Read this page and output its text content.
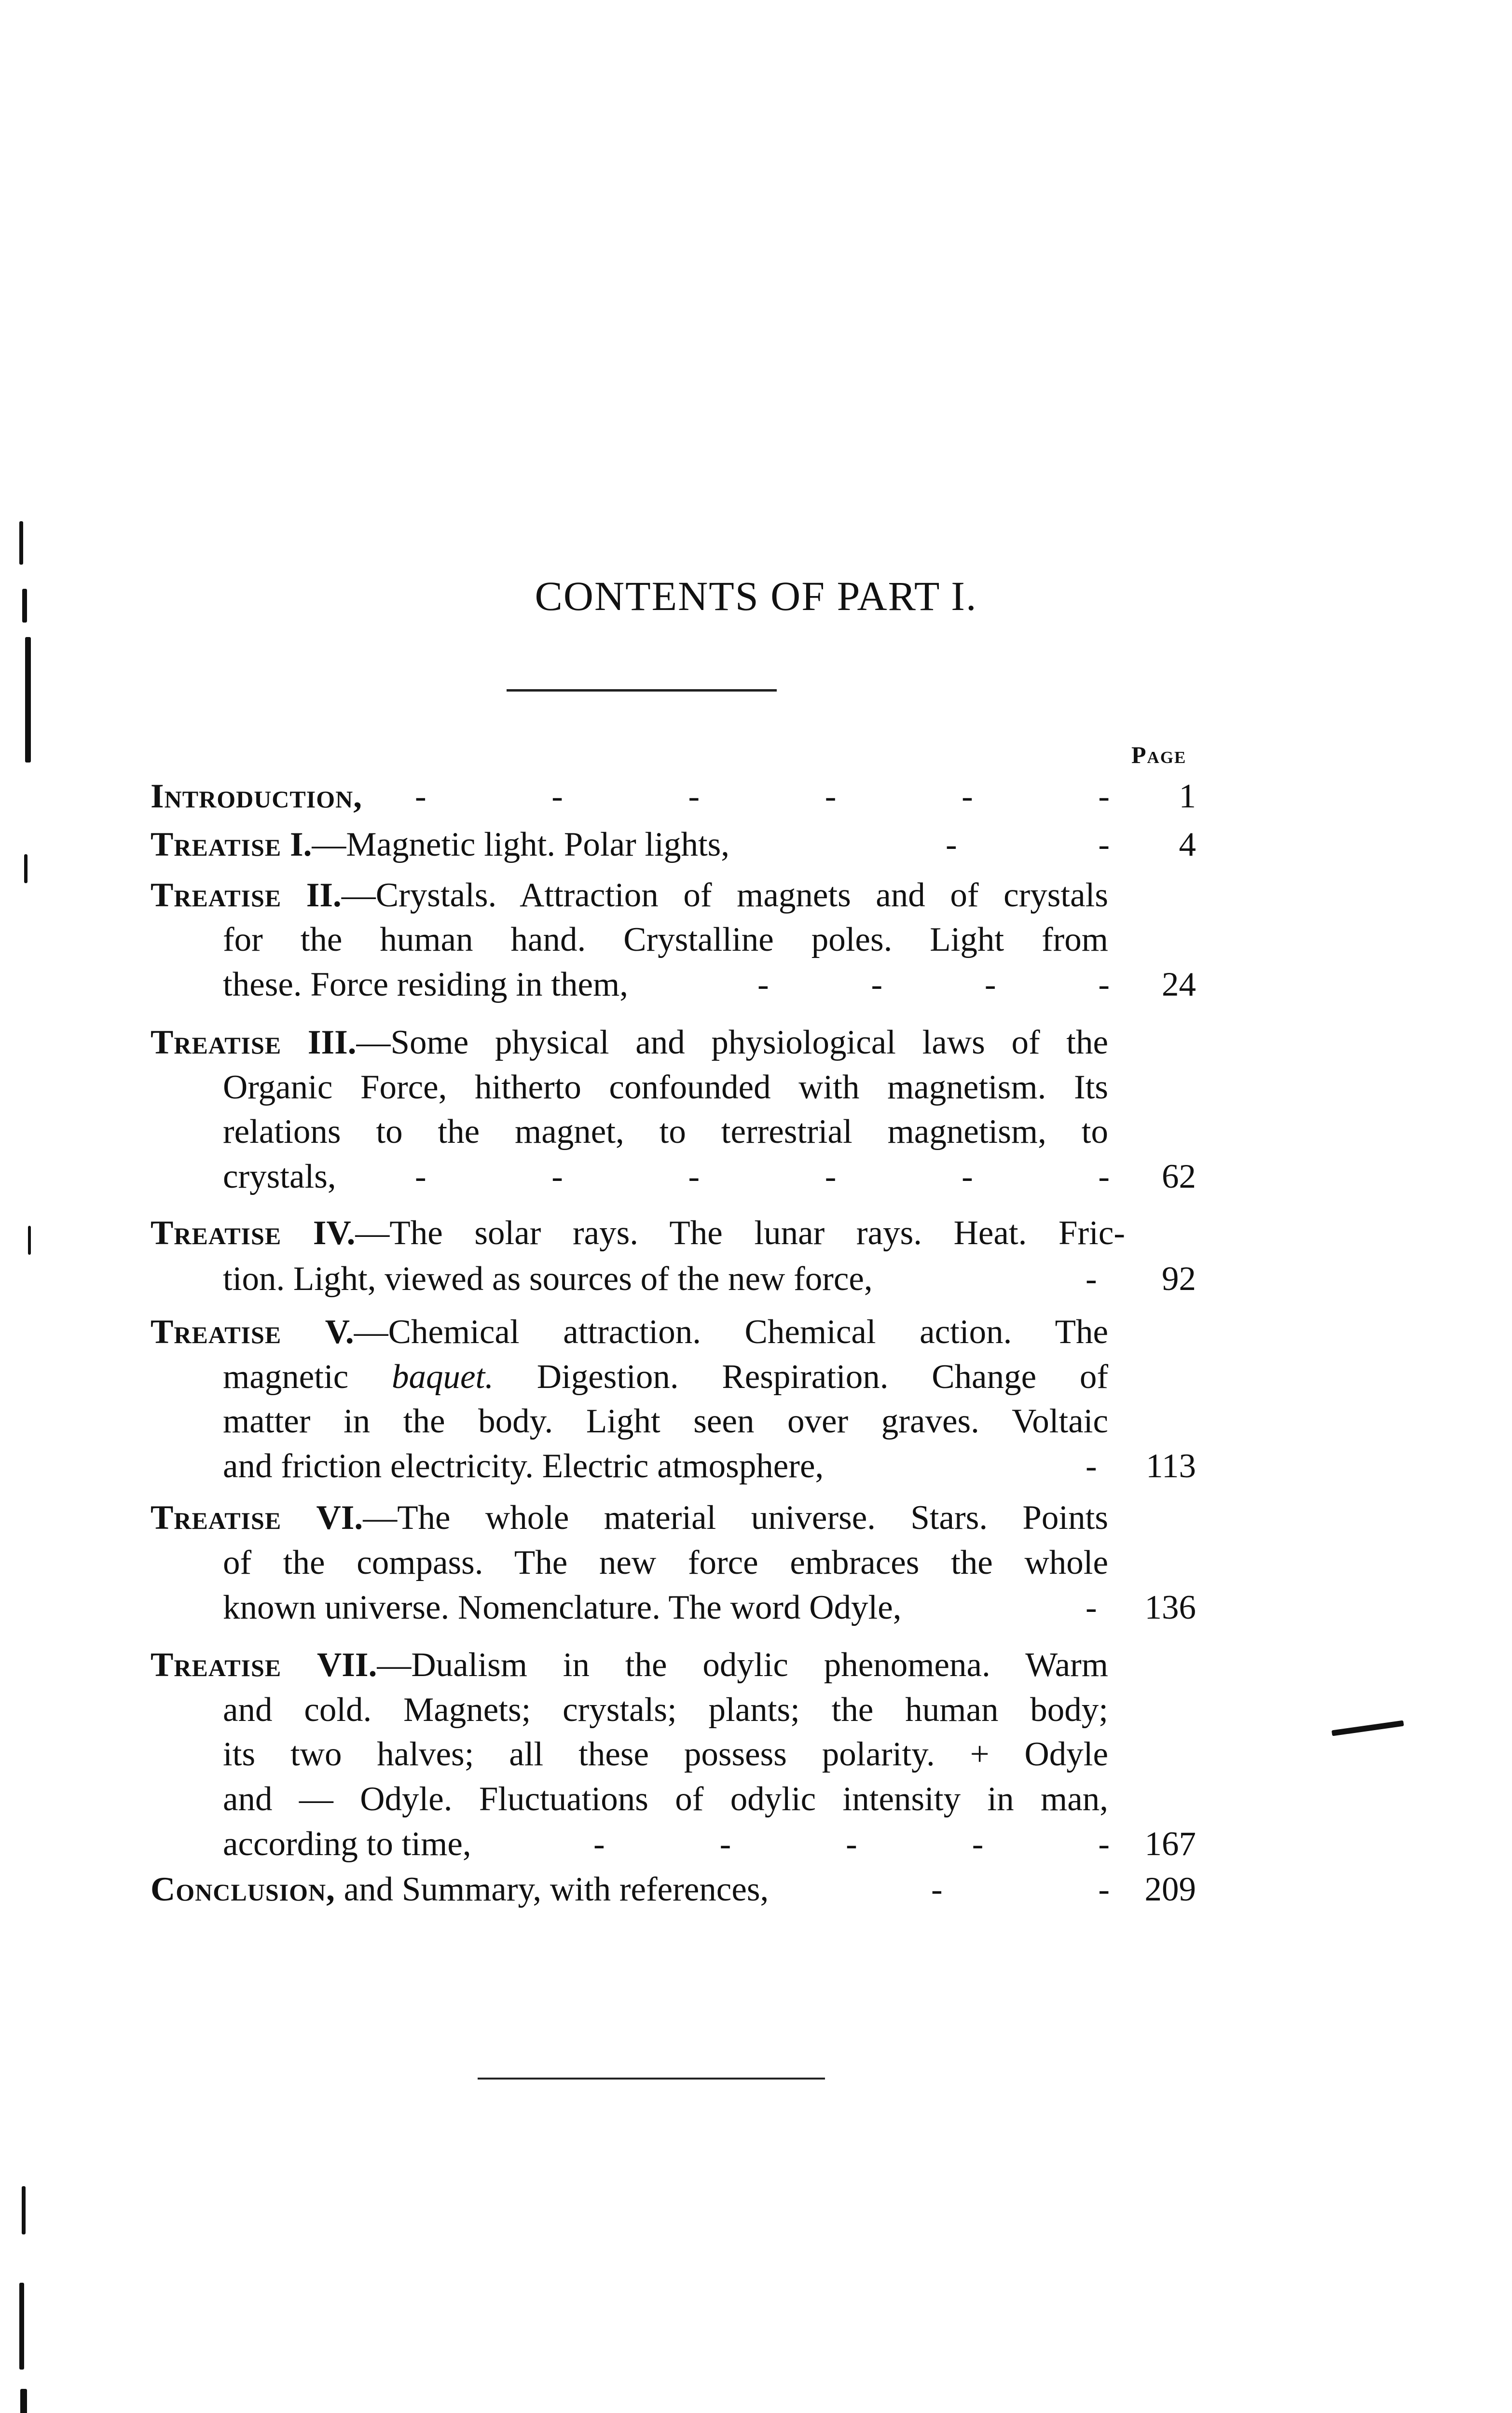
CONTENTS OF PART I.
Page
Introduction,	-	-	-	-	-	- 1
Treatise I.—Magnetic light. Polar lights,	-	- 4
Treatise II.—Crystals. Attraction of magnets and of crystals
for the human hand. Crystalline poles. Light from
these. Force residing in them,	-	-	-	- 24
Treatise III.—Some physical and physiological laws of the
Organic Force, hitherto confounded with magnetism. Its
relations to the magnet, to terrestrial magnetism, to
crystals, -	-	-	-	-	- 62
Treatise IV.—The solar rays. The lunar rays. Heat. Fric-
tion. Light, viewed as sources of the new force,	- 92
Treatise V.—Chemical attraction. Chemical action. The
magnetic baquet. Digestion. Respiration. Change of
matter in the body. Light seen over graves. Voltaic
and friction electricity. Electric atmosphere,	- 113
Treatise VI.—The whole material universe. Stars. Points
of the compass. The new force embraces the whole
known universe. Nomenclature. The word Odyle,	- 136
Treatise VII.—Dualism in the odylic phenomena. Warm
and cold. Magnets; crystals; plants; the human body;
its two halves; all these possess polarity. + Odyle
and — Odyle. Fluctuations of odylic intensity in man,
according to time,	-	-	-	-	- 167
Conclusion, and Summary, with references,	-	- 209
